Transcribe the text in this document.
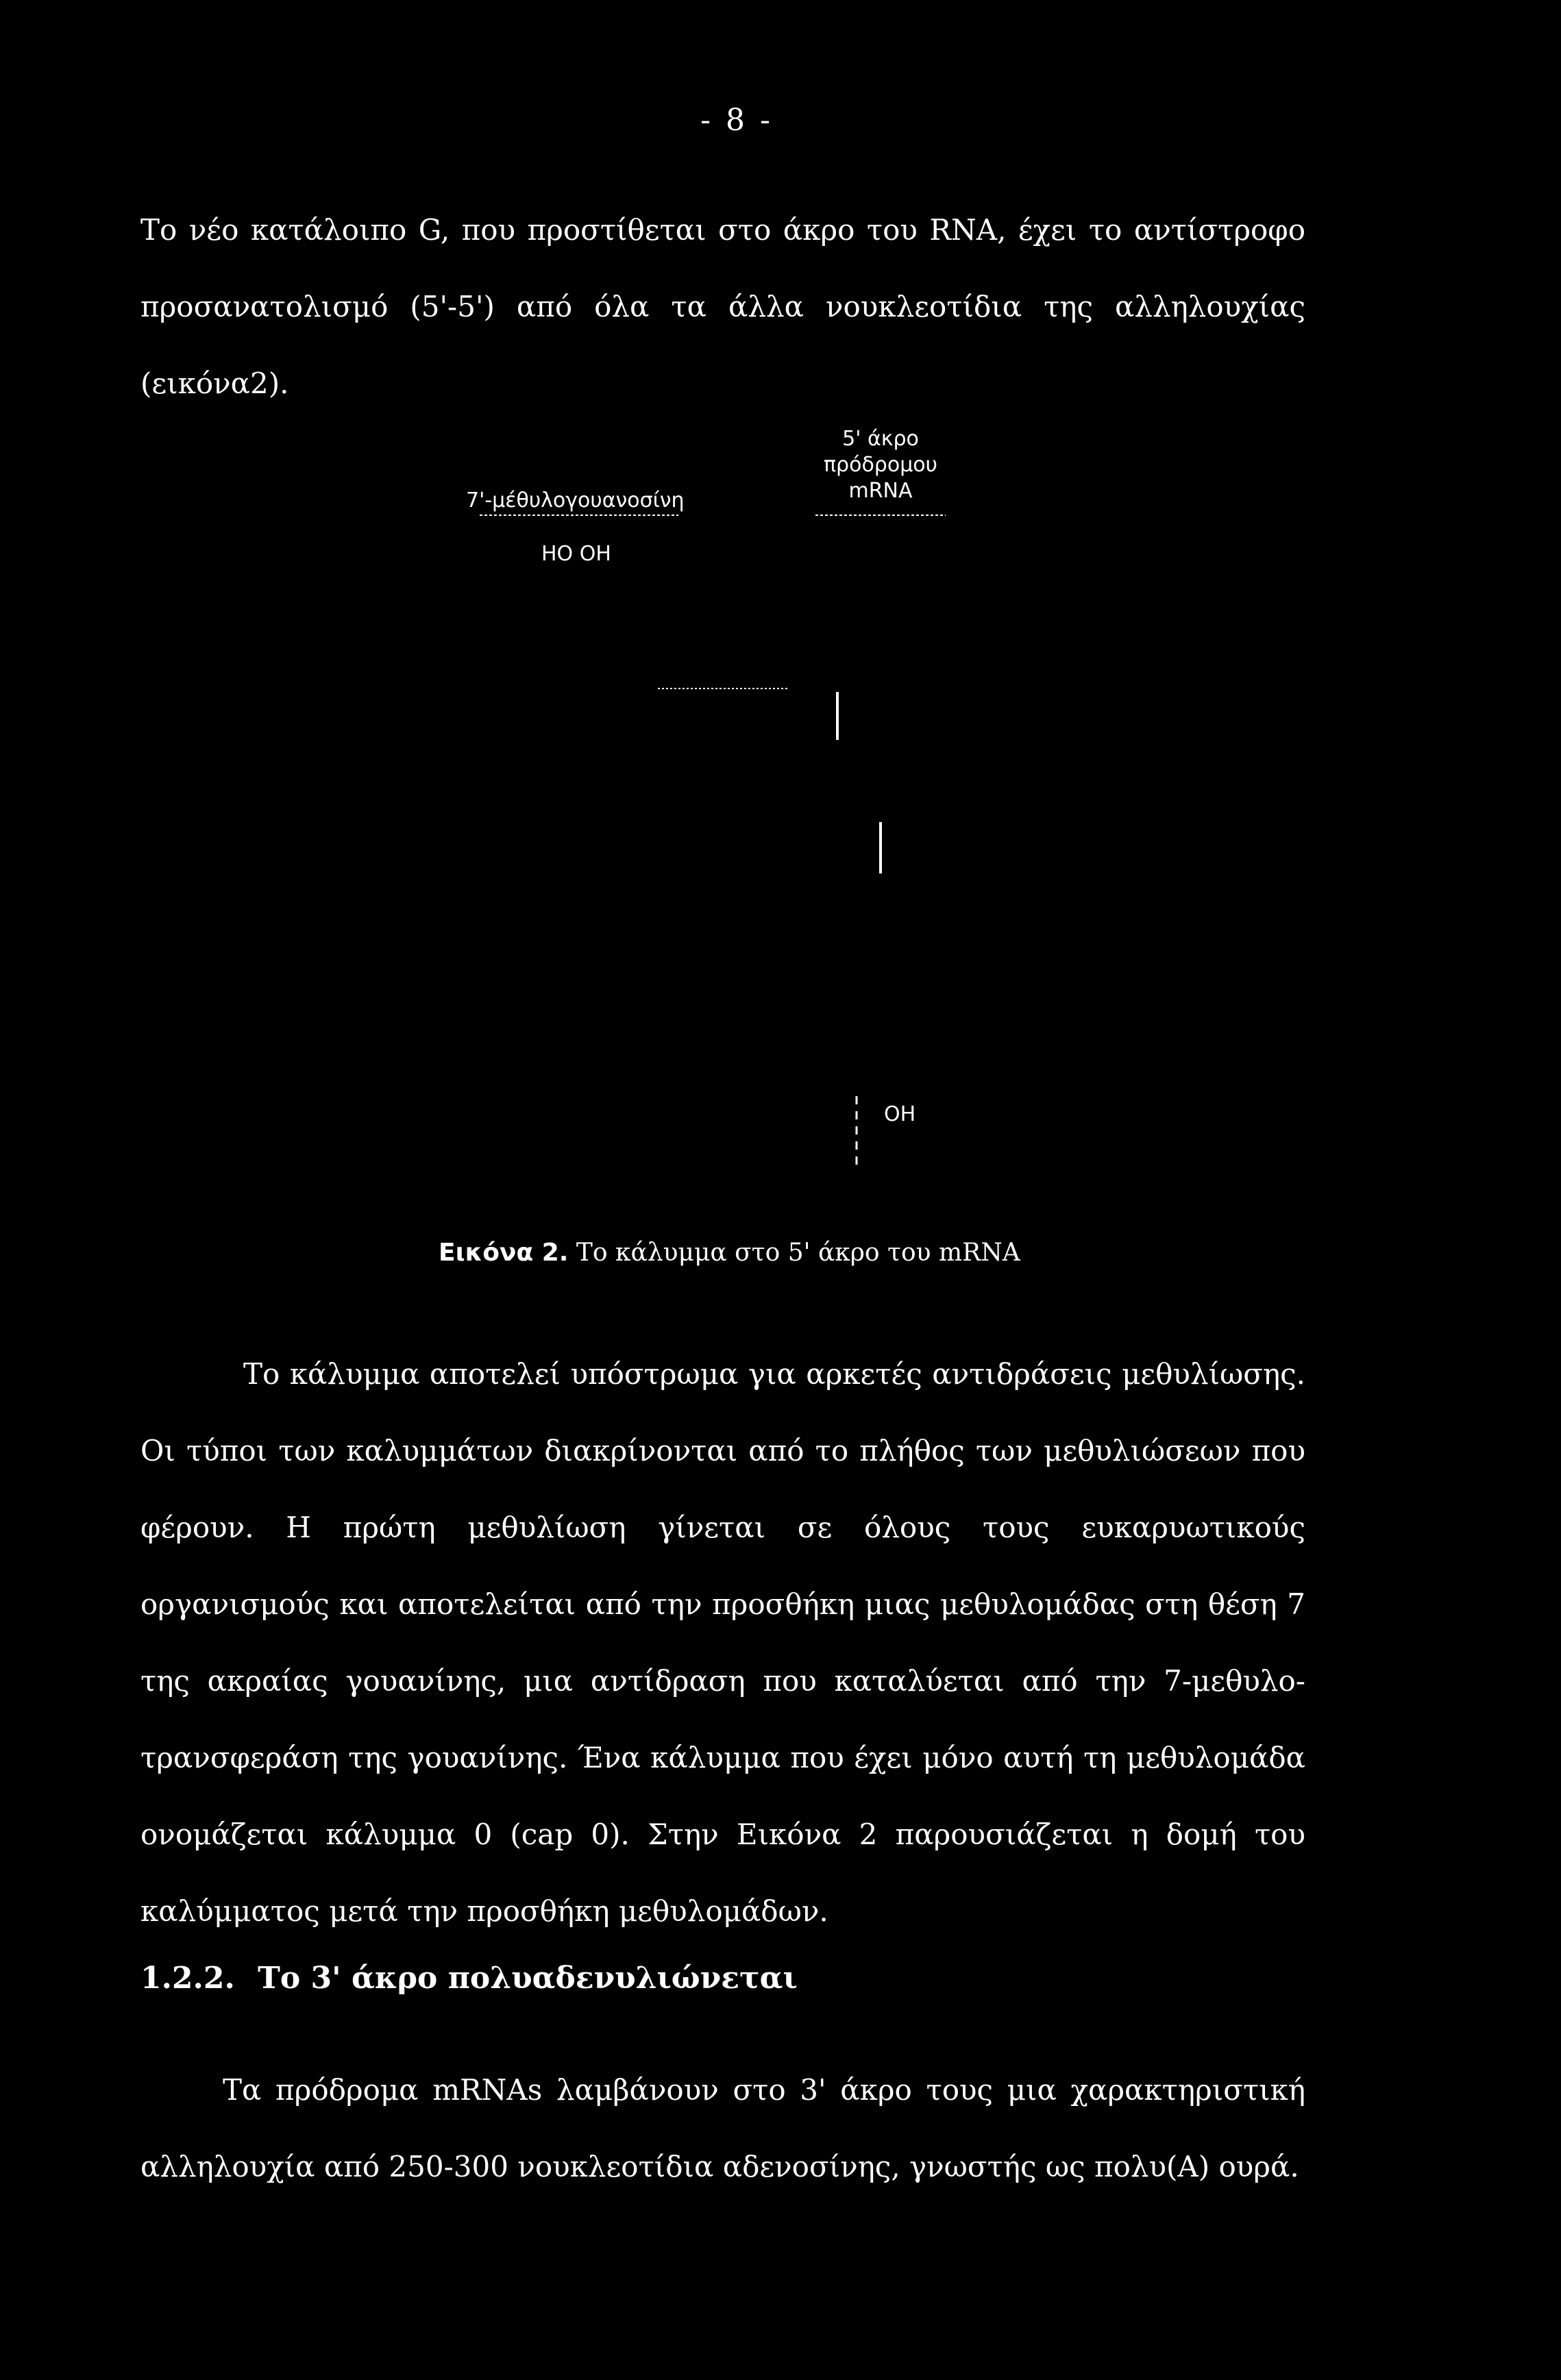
- 8 -

Το νέο κατάλοιπο G, που προστίθεται στο άκρο του RNA, έχει το αντίστροφο προσανατολισμό (5'-5') από όλα τα άλλα νουκλεοτίδια της αλληλουχίας (εικόνα2).

7'-μέθυλογουανοσίνη
HO OH
5' άκρο
πρόδρομου
mRNA
OH
Εικόνα 2. Το κάλυμμα στο 5' άκρο του mRNA

Το κάλυμμα αποτελεί υπόστρωμα για αρκετές αντιδράσεις μεθυλίωσης. Οι τύποι των καλυμμάτων διακρίνονται από το πλήθος των μεθυλιώσεων που φέρουν. Η πρώτη μεθυλίωση γίνεται σε όλους τους ευκαρυωτικούς οργανισμούς και αποτελείται από την προσθήκη μιας μεθυλομάδας στη θέση 7 της ακραίας γουανίνης, μια αντίδραση που καταλύεται από την 7-μεθυλο-τρανσφεράση της γουανίνης. Ένα κάλυμμα που έχει μόνο αυτή τη μεθυλομάδα ονομάζεται κάλυμμα 0 (cap 0). Στην Εικόνα 2 παρουσιάζεται η δομή του καλύμματος μετά την προσθήκη μεθυλομάδων.

1.2.2. Το 3' άκρο πολυαδενυλιώνεται

Τα πρόδρομα mRNAs λαμβάνουν στο 3' άκρο τους μια χαρακτηριστική αλληλουχία από 250-300 νουκλεοτίδια αδενοσίνης, γνωστής ως πολυ(Α) ουρά.
